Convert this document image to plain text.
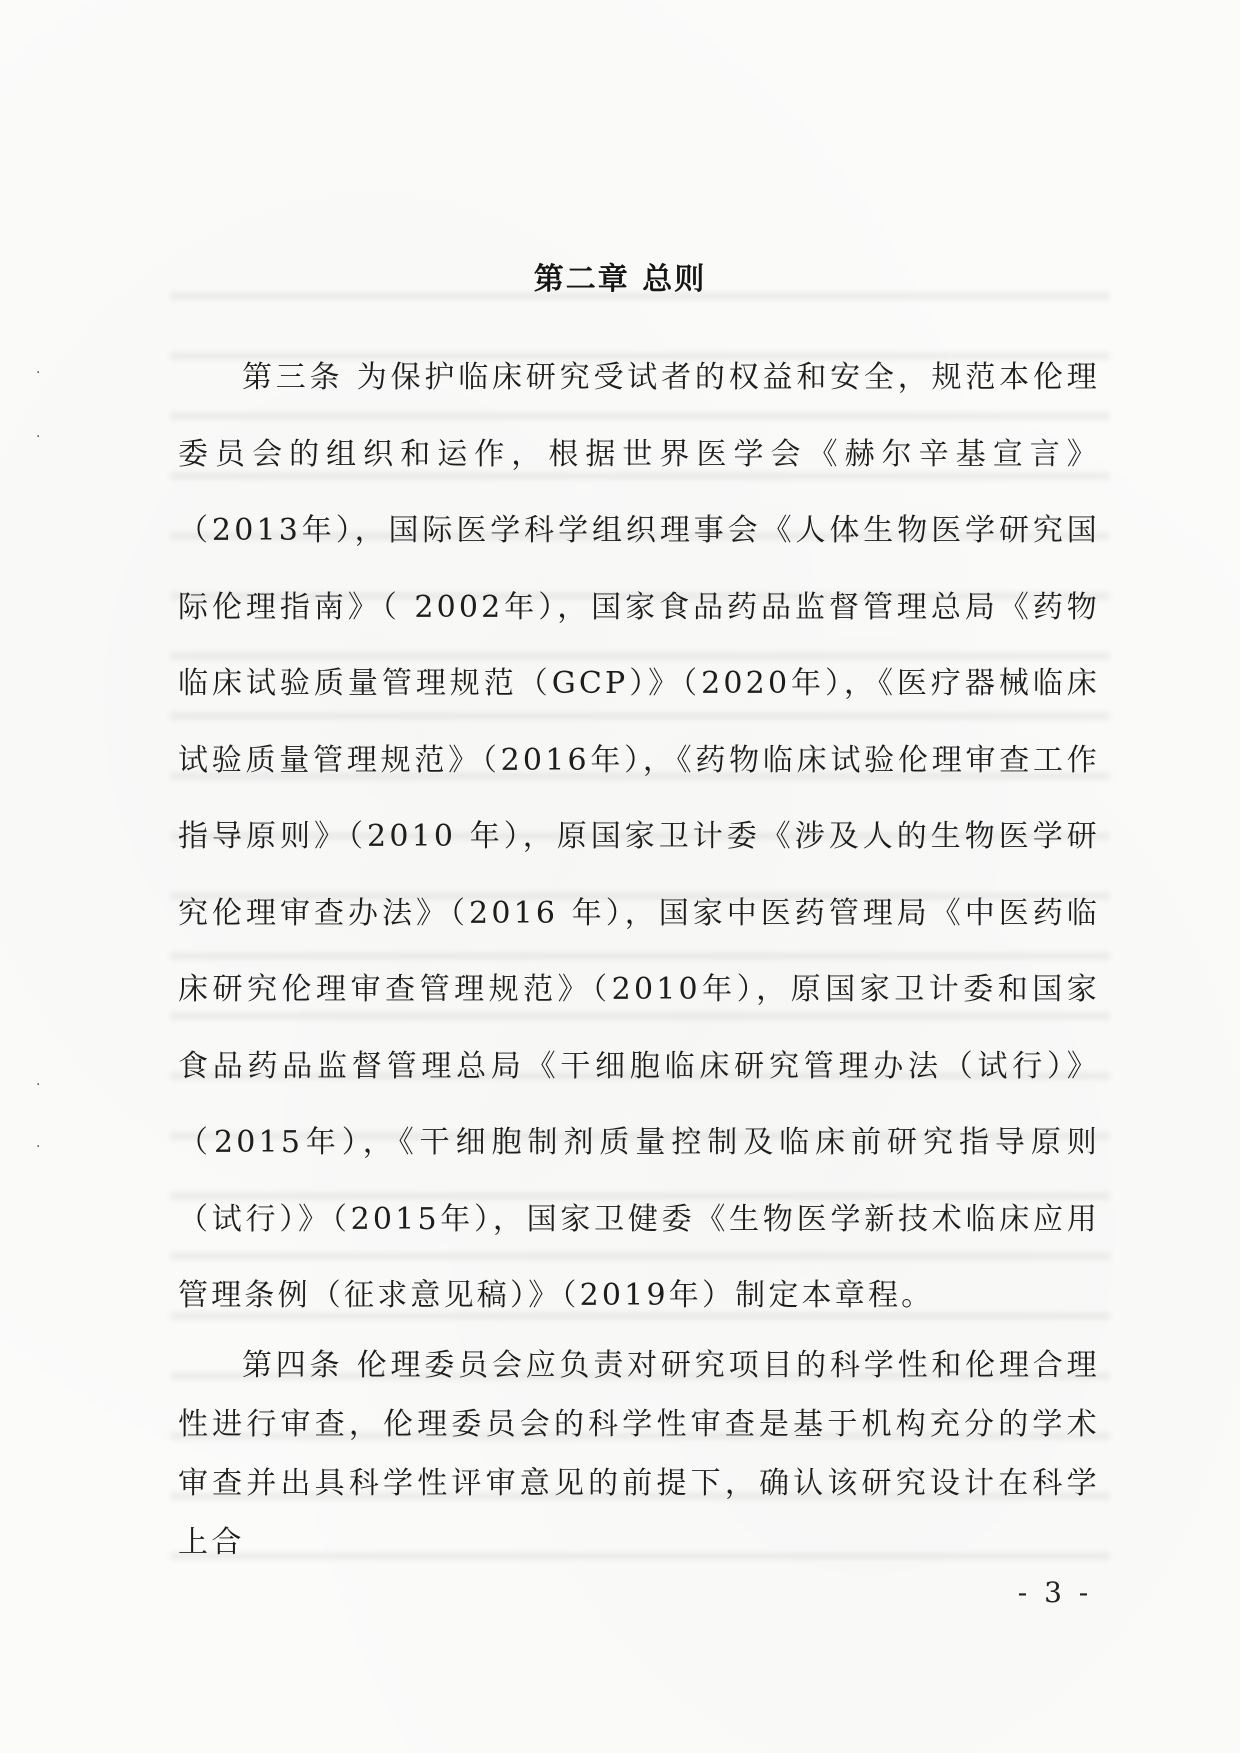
·
·
·
·
第二章 总则

第三条 为保护临床研究受试者的权益和安全，规范本伦理委员会的组织和运作，根据世界医学会《赫尔辛基宣言》（2013年），国际医学科学组织理事会《人体生物医学研究国际伦理指南》（ 2002年），国家食品药品监督管理总局《药物临床试验质量管理规范（GCP）》（2020年），《医疗器械临床试验质量管理规范》（2016年），《药物临床试验伦理审查工作指导原则》（2010 年），原国家卫计委《涉及人的生物医学研究伦理审查办法》（2016 年），国家中医药管理局《中医药临床研究伦理审查管理规范》（2010年），原国家卫计委和国家食品药品监督管理总局《干细胞临床研究管理办法（试行）》（2015年），《干细胞制剂质量控制及临床前研究指导原则（试行）》（2015年），国家卫健委《生物医学新技术临床应用管理条例（征求意见稿）》（2019年）制定本章程。

第四条 伦理委员会应负责对研究项目的科学性和伦理合理性进行审查，伦理委员会的科学性审查是基于机构充分的学术审查并出具科学性评审意见的前提下，确认该研究设计在科学上合

- 3 -
